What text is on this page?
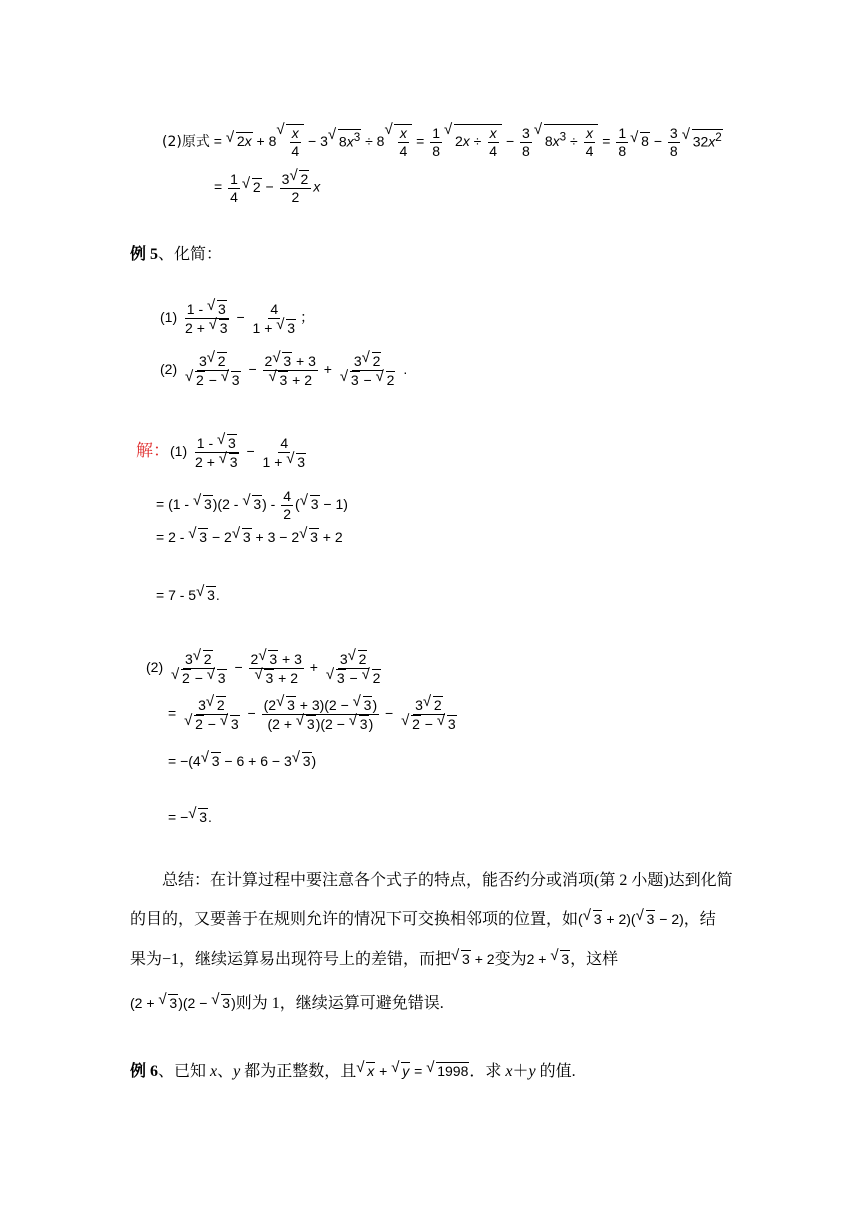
(2)原式 = √ 2x + 8
√ $\frac{x}{4} - 3√$ $8x^3 \div 8$
√ $\frac{x}{4} = \frac{1}{8}$
√ $2x \div \frac{x}{4} - \frac{3}{8}$
√ $8x^3 \div \frac{x}{4} = \frac{1}{8}$
√ $8 - \frac{3}{8}$
√ $32x^2$
= $\frac{1}{4}$
√ $2 - \frac{3√ 2}{2}$ x
例 5、化简：
$(1) \frac{1 - √ 3}{2 + √ 3} - \frac{4}{1 + √ 3}$ ；
(2) 3√ 2
√ 2 − √ 3 − 2√ 3 + 3
√ 3 + 2 + 3√ 2
√ 3 − √ 2 .
解：$(1) \frac{1 - √ 3}{2 + √ 3} - \frac{4}{1 + √ 3}$
= (1 - √ 3)(2 - √ $3) - \frac{4}{2}$ (√ 3 − 1)
= 2 - √ 3 − 2√ 3 + 3 − 2√ 3 + 2
= 7 - 5√ 3.
(2) 3√ 2
√ 2 − √ 3 − 2√ 3 + 3
√ 3 + 2 + 3√ 2
√ 3 − √ 2
= 3√ 2
√ 2 − √ $3 - \frac{(2√ 3 + 3)(2 - √ 3)}{(2 + √ 3)(2 - √ 3)} - 3√$ 2
√ 2 − √ 3
= −(4√ 3 − 6 + 6 − 3√ 3)
= −√ 3.
总结：在计算过程中要注意各个式子的特点，能否约分或消项(第 2 小题)达到化简
的目的，又要善于在规则允许的情况下可交换相邻项的位置，如(√ 3 + 2)(√ 3 − 2)，结
果为−1，继续运算易出现符号上的差错，而把√ 3 + 2变为2 + √ 3，这样
(2 + √ 3)(2 − √ 3)则为 1，继续运算可避免错误.
例 6、已知 x、y 都为正整数，且√ x + √ y = √ 1998．求 x＋y 的值.
